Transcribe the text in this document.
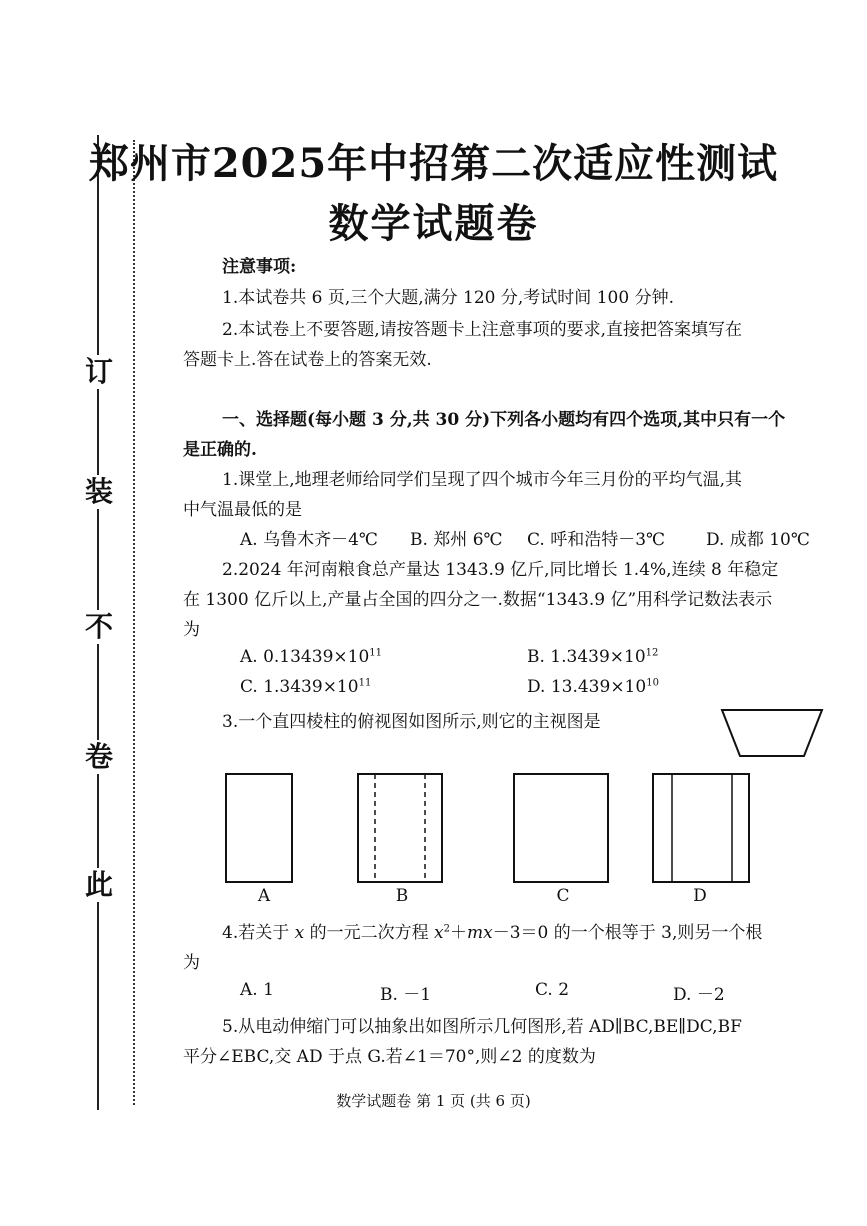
订
装
不
卷
此
郑州市2025年中招第二次适应性测试
数学试题卷
注意事项:
1.本试卷共 6 页,三个大题,满分 120 分,考试时间 100 分钟.
2.本试卷上不要答题,请按答题卡上注意事项的要求,直接把答案填写在
答题卡上.答在试卷上的答案无效.
一、选择题(每小题 3 分,共 30 分)下列各小题均有四个选项,其中只有一个
是正确的.
1.课堂上,地理老师给同学们呈现了四个城市今年三月份的平均气温,其
中气温最低的是
A. 乌鲁木齐－4℃ B. 郑州 6℃ C. 呼和浩特－3℃ D. 成都 10℃
2.2024 年河南粮食总产量达 1343.9 亿斤,同比增长 1.4%,连续 8 年稳定
在 1300 亿斤以上,产量占全国的四分之一.数据“1343.9 亿”用科学记数法表示
为
A. $0.13439\times 10^{11}$	B. $1.3439\times 10^{12}$
C. $1.3439\times 10^{11}$	D. $13.439\times 10^{10}$
3.一个直四棱柱的俯视图如图所示,则它的主视图是
A	B	C	D
4.若关于 x 的一元二次方程 $x^2+mx-3=0$ 的一个根等于 3,则另一个根
为
A. 1	B. －1	C. 2	D. －2
5.从电动伸缩门可以抽象出如图所示几何图形,若 AD∥BC,BE∥DC,BF
平分∠EBC,交 AD 于点 G.若∠1＝70°,则∠2 的度数为
数学试题卷 第 1 页 (共 6 页)
